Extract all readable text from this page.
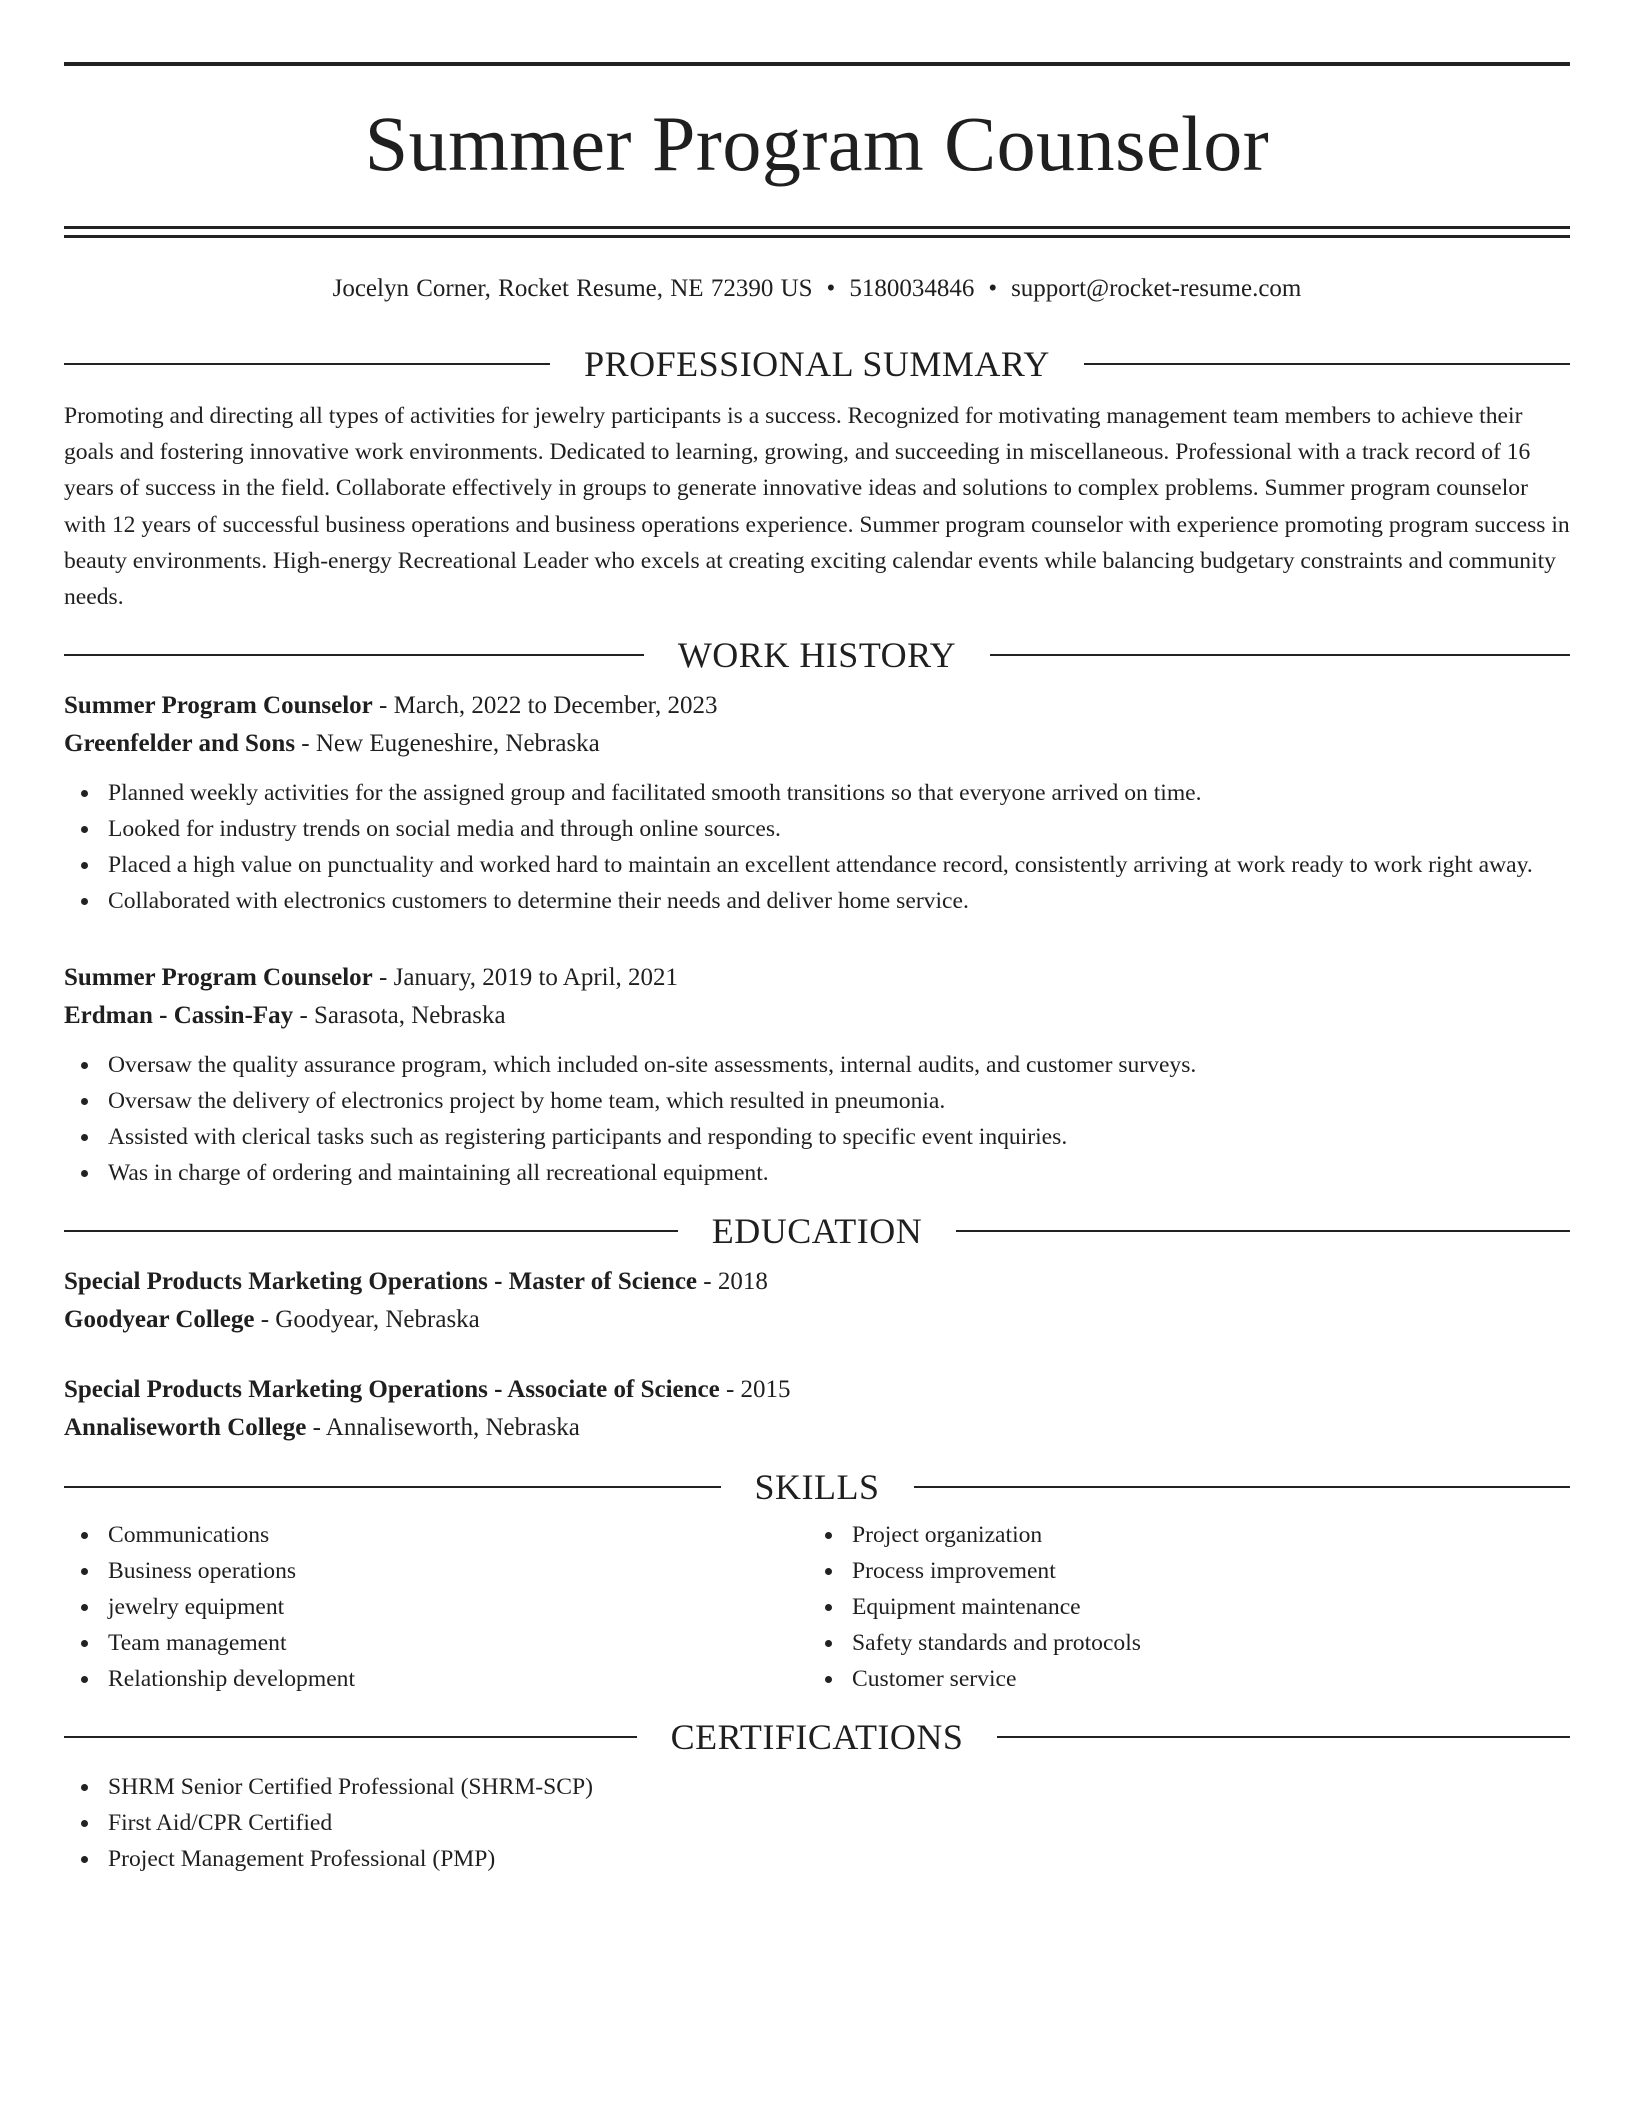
Summer Program Counselor
Jocelyn Corner, Rocket Resume, NE 72390 US • 5180034846 • support@rocket-resume.com
PROFESSIONAL SUMMARY
Promoting and directing all types of activities for jewelry participants is a success. Recognized for motivating management team members to achieve their goals and fostering innovative work environments. Dedicated to learning, growing, and succeeding in miscellaneous. Professional with a track record of 16 years of success in the field. Collaborate effectively in groups to generate innovative ideas and solutions to complex problems. Summer program counselor with 12 years of successful business operations and business operations experience. Summer program counselor with experience promoting program success in beauty environments. High-energy Recreational Leader who excels at creating exciting calendar events while balancing budgetary constraints and community needs.
WORK HISTORY
Summer Program Counselor - March, 2022 to December, 2023
Greenfelder and Sons - New Eugeneshire, Nebraska
Planned weekly activities for the assigned group and facilitated smooth transitions so that everyone arrived on time.
Looked for industry trends on social media and through online sources.
Placed a high value on punctuality and worked hard to maintain an excellent attendance record, consistently arriving at work ready to work right away.
Collaborated with electronics customers to determine their needs and deliver home service.
Summer Program Counselor - January, 2019 to April, 2021
Erdman - Cassin-Fay - Sarasota, Nebraska
Oversaw the quality assurance program, which included on-site assessments, internal audits, and customer surveys.
Oversaw the delivery of electronics project by home team, which resulted in pneumonia.
Assisted with clerical tasks such as registering participants and responding to specific event inquiries.
Was in charge of ordering and maintaining all recreational equipment.
EDUCATION
Special Products Marketing Operations - Master of Science - 2018
Goodyear College - Goodyear, Nebraska
Special Products Marketing Operations - Associate of Science - 2015
Annaliseworth College - Annaliseworth, Nebraska
SKILLS
Communications
Business operations
jewelry equipment
Team management
Relationship development
Project organization
Process improvement
Equipment maintenance
Safety standards and protocols
Customer service
CERTIFICATIONS
SHRM Senior Certified Professional (SHRM-SCP)
First Aid/CPR Certified
Project Management Professional (PMP)
